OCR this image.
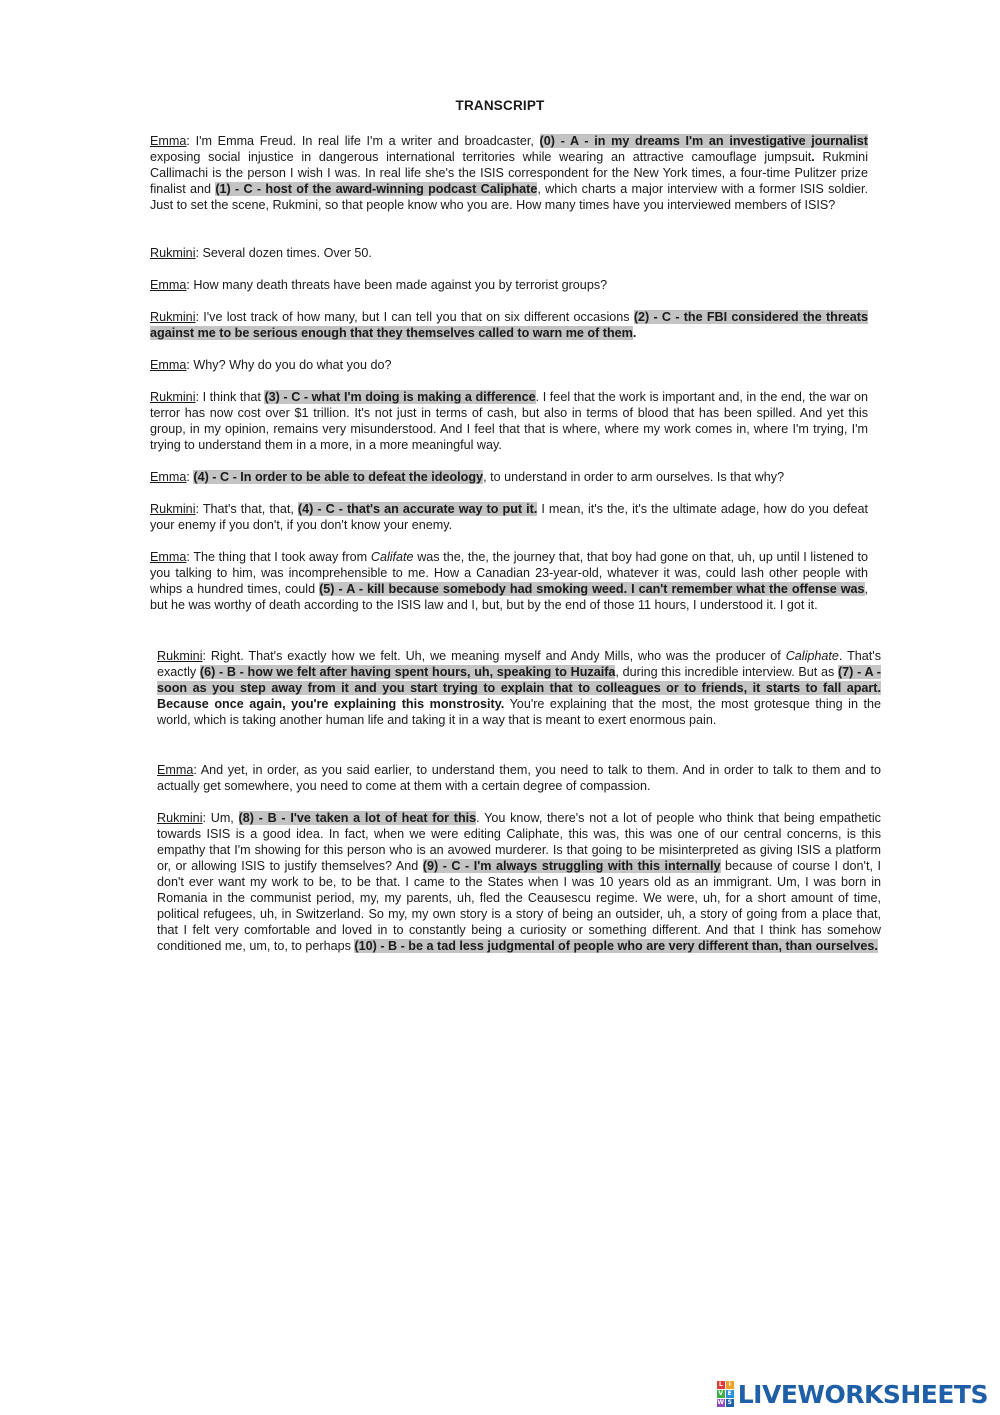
TRANSCRIPT

Emma: I'm Emma Freud. In real life I'm a writer and broadcaster, (0) - A - in my dreams I'm an investigative journalist exposing social injustice in dangerous international territories while wearing an attractive camouflage jumpsuit. Rukmini Callimachi is the person I wish I was. In real life she's the ISIS correspondent for the New York times, a four-time Pulitzer prize finalist and (1) - C - host of the award-winning podcast Caliphate, which charts a major interview with a former ISIS soldier. Just to set the scene, Rukmini, so that people know who you are. How many times have you interviewed members of ISIS?

Rukmini: Several dozen times. Over 50.

Emma: How many death threats have been made against you by terrorist groups?

Rukmini: I've lost track of how many, but I can tell you that on six different occasions (2) - C - the FBI considered the threats against me to be serious enough that they themselves called to warn me of them.

Emma: Why? Why do you do what you do?

Rukmini: I think that (3) - C - what I'm doing is making a difference. I feel that the work is important and, in the end, the war on terror has now cost over $1 trillion. It's not just in terms of cash, but also in terms of blood that has been spilled. And yet this group, in my opinion, remains very misunderstood. And I feel that that is where, where my work comes in, where I'm trying, I'm trying to understand them in a more, in a more meaningful way.

Emma: (4) - C - In order to be able to defeat the ideology, to understand in order to arm ourselves. Is that why?

Rukmini: That's that, that, (4) - C - that's an accurate way to put it. I mean, it's the, it's the ultimate adage, how do you defeat your enemy if you don't, if you don't know your enemy.

Emma: The thing that I took away from Califate was the, the, the journey that, that boy had gone on that, uh, up until I listened to you talking to him, was incomprehensible to me. How a Canadian 23-year-old, whatever it was, could lash other people with whips a hundred times, could (5) - A - kill because somebody had smoking weed. I can't remember what the offense was, but he was worthy of death according to the ISIS law and I, but, but by the end of those 11 hours, I understood it. I got it.

Rukmini: Right. That's exactly how we felt. Uh, we meaning myself and Andy Mills, who was the producer of Caliphate. That's exactly (6) - B - how we felt after having spent hours, uh, speaking to Huzaifa, during this incredible interview. But as (7) - A - soon as you step away from it and you start trying to explain that to colleagues or to friends, it starts to fall apart. Because once again, you're explaining this monstrosity. You're explaining that the most, the most grotesque thing in the world, which is taking another human life and taking it in a way that is meant to exert enormous pain.

Emma: And yet, in order, as you said earlier, to understand them, you need to talk to them. And in order to talk to them and to actually get somewhere, you need to come at them with a certain degree of compassion.

Rukmini: Um, (8) - B - I've taken a lot of heat for this. You know, there's not a lot of people who think that being empathetic towards ISIS is a good idea. In fact, when we were editing Caliphate, this was, this was one of our central concerns, is this empathy that I'm showing for this person who is an avowed murderer. Is that going to be misinterpreted as giving ISIS a platform or, or allowing ISIS to justify themselves? And (9) - C - I'm always struggling with this internally because of course I don't, I don't ever want my work to be, to be that. I came to the States when I was 10 years old as an immigrant. Um, I was born in Romania in the communist period, my, my parents, uh, fled the Ceausescu regime. We were, uh, for a short amount of time, political refugees, uh, in Switzerland. So my, my own story is a story of being an outsider, uh, a story of going from a place that, that I felt very comfortable and loved in to constantly being a curiosity or something different. And that I think has somehow conditioned me, um, to, to perhaps (10) - B - be a tad less judgmental of people who are very different than, than ourselves.

L I
V E
W S LIVEWORKSHEETS
